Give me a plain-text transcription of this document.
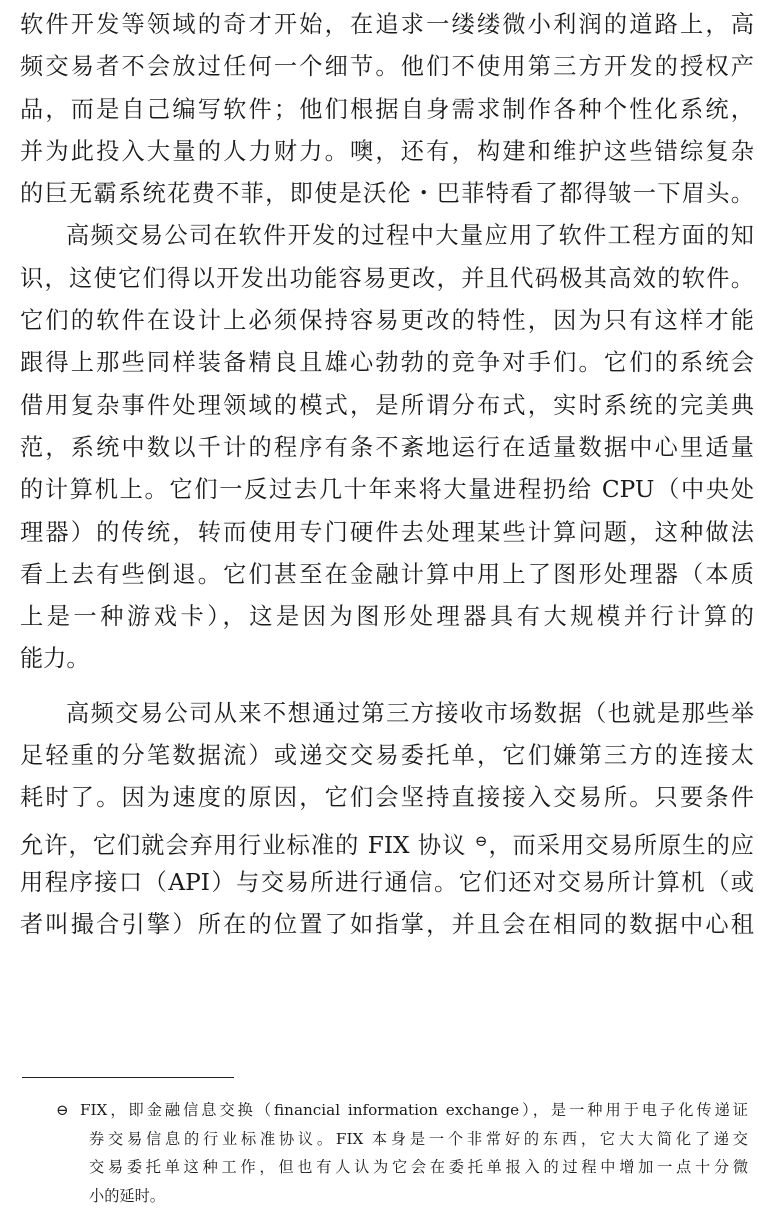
软件开发等领域的奇才开始，在追求一缕缕微小利润的道路上，高
频交易者不会放过任何一个细节。他们不使用第三方开发的授权产
品，而是自己编写软件；他们根据自身需求制作各种个性化系统，
并为此投入大量的人力财力。噢，还有，构建和维护这些错综复杂
的巨无霸系统花费不菲，即使是沃伦・巴菲特看了都得皱一下眉头。
高频交易公司在软件开发的过程中大量应用了软件工程方面的知
识，这使它们得以开发出功能容易更改，并且代码极其高效的软件。
它们的软件在设计上必须保持容易更改的特性，因为只有这样才能
跟得上那些同样装备精良且雄心勃勃的竞争对手们。它们的系统会
借用复杂事件处理领域的模式，是所谓分布式，实时系统的完美典
范，系统中数以千计的程序有条不紊地运行在适量数据中心里适量
的计算机上。它们一反过去几十年来将大量进程扔给 CPU（中央处
理器）的传统，转而使用专门硬件去处理某些计算问题，这种做法
看上去有些倒退。它们甚至在金融计算中用上了图形处理器（本质
上是一种游戏卡），这是因为图形处理器具有大规模并行计算的
能力。
高频交易公司从来不想通过第三方接收市场数据（也就是那些举
足轻重的分笔数据流）或递交交易委托单，它们嫌第三方的连接太
耗时了。因为速度的原因，它们会坚持直接接入交易所。只要条件
允许，它们就会弃用行业标准的 FIX 协议 ⊖，而采用交易所原生的应
用程序接口（API）与交易所进行通信。它们还对交易所计算机（或
者叫撮合引擎）所在的位置了如指掌，并且会在相同的数据中心租
⊖ FIX，即金融信息交换（financial information exchange），是一种用于电子化传递证
券交易信息的行业标准协议。FIX 本身是一个非常好的东西，它大大简化了递交
交易委托单这种工作，但也有人认为它会在委托单报入的过程中增加一点十分微
小的延时。
